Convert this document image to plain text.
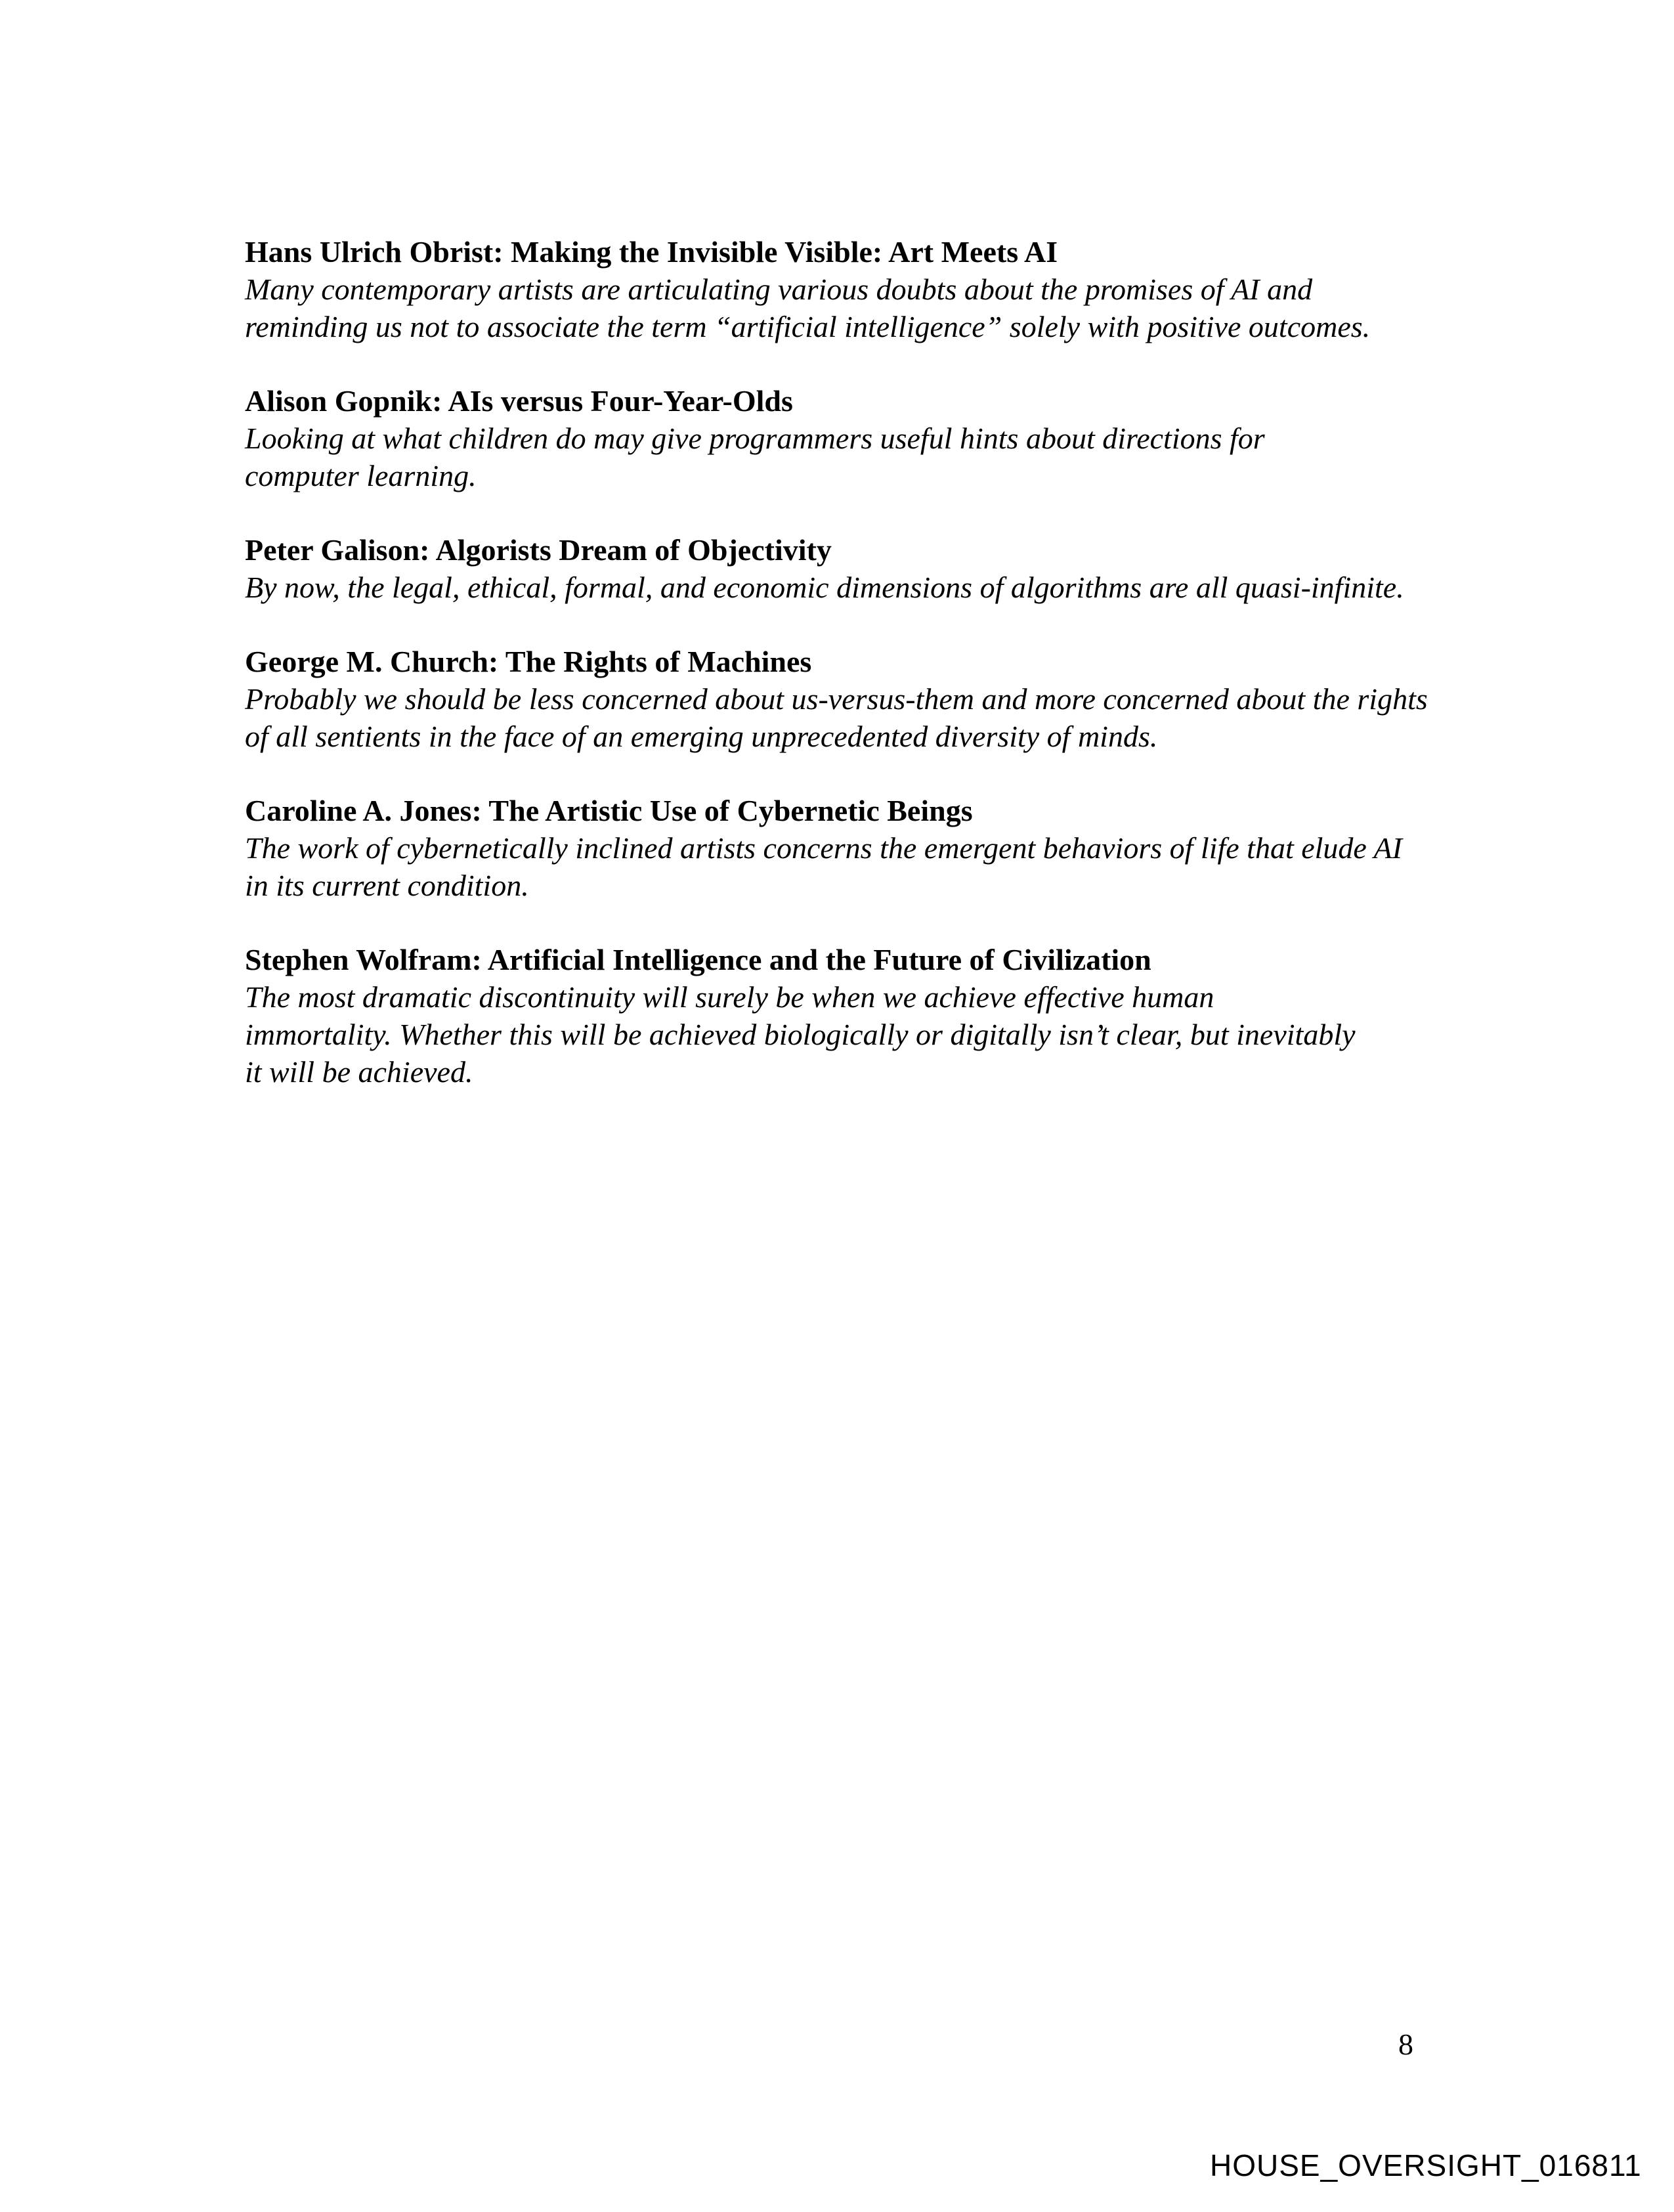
Hans Ulrich Obrist: Making the Invisible Visible: Art Meets AI

Many contemporary artists are articulating various doubts about the promises of AI and reminding us not to associate the term “artificial intelligence” solely with positive outcomes.

Alison Gopnik: AIs versus Four-Year-Olds

Looking at what children do may give programmers useful hints about directions for computer learning.

Peter Galison: Algorists Dream of Objectivity

By now, the legal, ethical, formal, and economic dimensions of algorithms are all quasi-infinite.

George M. Church: The Rights of Machines

Probably we should be less concerned about us-versus-them and more concerned about the rights of all sentients in the face of an emerging unprecedented diversity of minds.

Caroline A. Jones: The Artistic Use of Cybernetic Beings

The work of cybernetically inclined artists concerns the emergent behaviors of life that elude AI in its current condition.

Stephen Wolfram: Artificial Intelligence and the Future of Civilization

The most dramatic discontinuity will surely be when we achieve effective human immortality. Whether this will be achieved biologically or digitally isn’t clear, but inevitably it will be achieved.

8

HOUSE_OVERSIGHT_016811
